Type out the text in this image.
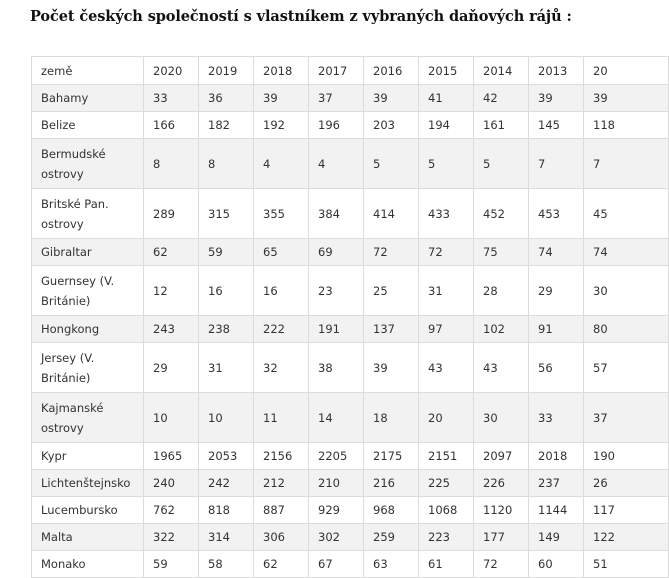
Počet českých společností s vlastníkem z vybraných daňových rájů :
země	2020	2019	2018	2017	2016	2015	2014	2013	20
Bahamy	33	36	39	37	39	41	42	39	39
Belize	166	182	192	196	203	194	161	145	118
Bermudské ostrovy	8	8	4	4	5	5	5	7	7
Britské Pan. ostrovy	289	315	355	384	414	433	452	453	45
Gibraltar	62	59	65	69	72	72	75	74	74
Guernsey (V. Británie)	12	16	16	23	25	31	28	29	30
Hongkong	243	238	222	191	137	97	102	91	80
Jersey (V. Británie)	29	31	32	38	39	43	43	56	57
Kajmanské ostrovy	10	10	11	14	18	20	30	33	37
Kypr	1965	2053	2156	2205	2175	2151	2097	2018	190
Lichtenštejnsko	240	242	212	210	216	225	226	237	26
Lucembursko	762	818	887	929	968	1068	1120	1144	117
Malta	322	314	306	302	259	223	177	149	122
Monako	59	58	62	67	63	61	72	60	51
